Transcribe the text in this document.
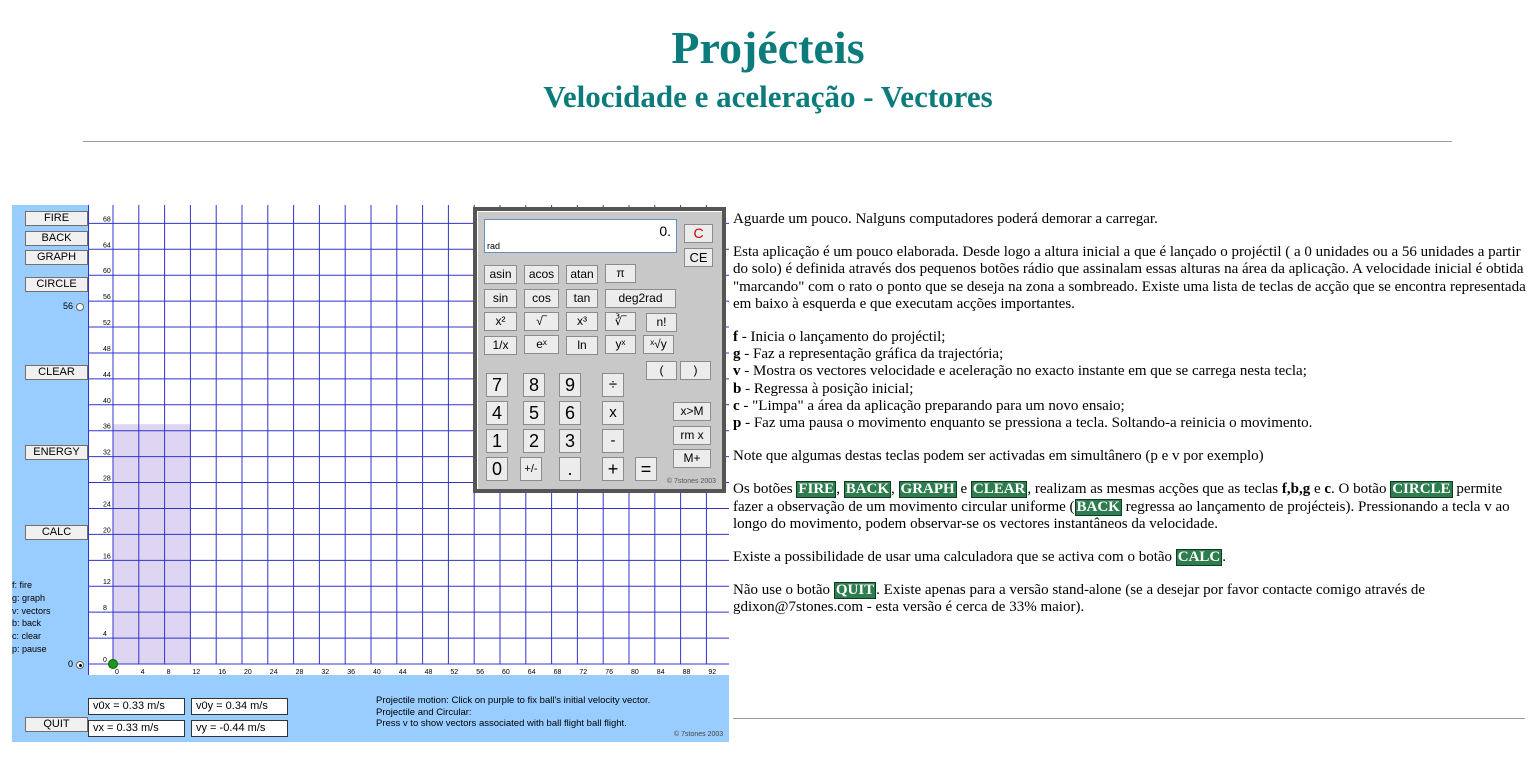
Projécteis
Velocidade e aceleração - Vectores
FIRE
BACK
GRAPH
CIRCLE
CLEAR
ENERGY
CALC
QUIT
56
0
f: fire
g: graph
v: vectors
b: back
c: clear
p: pause
0	4	8	12	16	20	24	28	32	36	40	44	48	52	56	60	64	68	72	76	80	84	88	92
0
4
8
12
16
20
24
28
32
36
40
44
48
52
56
60
64
68
v0x = 0.33 m/s	v0y = 0.34 m/s
vx = 0.33 m/s	vy = -0.44 m/s
Projectile motion: Click on purple to fix ball's initial velocity vector.
Projectile and Circular:
Press v to show vectors associated with ball flight ball flight.
© 7stones 2003
0.
rad
C
CE
asin	acos	atan	π
sin	cos	tan	deg2rad
x²	√‾	x³	∛‾	n!
1/x	eˣ	ln	yˣ	ˣ√y
(	)
7	8	9	÷
4	5	6	x	x>M
1	2	3	-	rm x
0	+/-	.	+	=
M+
© 7stones 2003

Aguarde um pouco. Nalguns computadores poderá demorar a carregar.

Esta aplicação é um pouco elaborada. Desde logo a altura inicial a que é lançado o projéctil ( a 0 unidades ou a 56 unidades a partir do solo) é definida através dos pequenos botões rádio que assinalam essas alturas na área da aplicação. A velocidade inicial é obtida "marcando" com o rato o ponto que se deseja na zona a sombreado. Existe uma lista de teclas de acção que se encontra representada em baixo à esquerda e que executam acções importantes.

f - Inicia o lançamento do projéctil;
g - Faz a representação gráfica da trajectória;
v - Mostra os vectores velocidade e aceleração no exacto instante em que se carrega nesta tecla;
b - Regressa à posição inicial;
c - "Limpa" a área da aplicação preparando para um novo ensaio;
p - Faz uma pausa o movimento enquanto se pressiona a tecla. Soltando-a reinicia o movimento.

Note que algumas destas teclas podem ser activadas em simultânero (p e v por exemplo)

Os botões FIRE , BACK , GRAPH e CLEAR , realizam as mesmas acções que as teclas f,b,g e c. O botão CIRCLE permite fazer a observação de um movimento circular uniforme ( BACK regressa ao lançamento de projécteis). Pressionando a tecla v ao longo do movimento, podem observar-se os vectores instantâneos da velocidade.

Existe a possibilidade de usar uma calculadora que se activa com o botão CALC .

Não use o botão QUIT . Existe apenas para a versão stand-alone (se a desejar por favor contacte comigo através de gdixon@7stones.com - esta versão é cerca de 33% maior).
